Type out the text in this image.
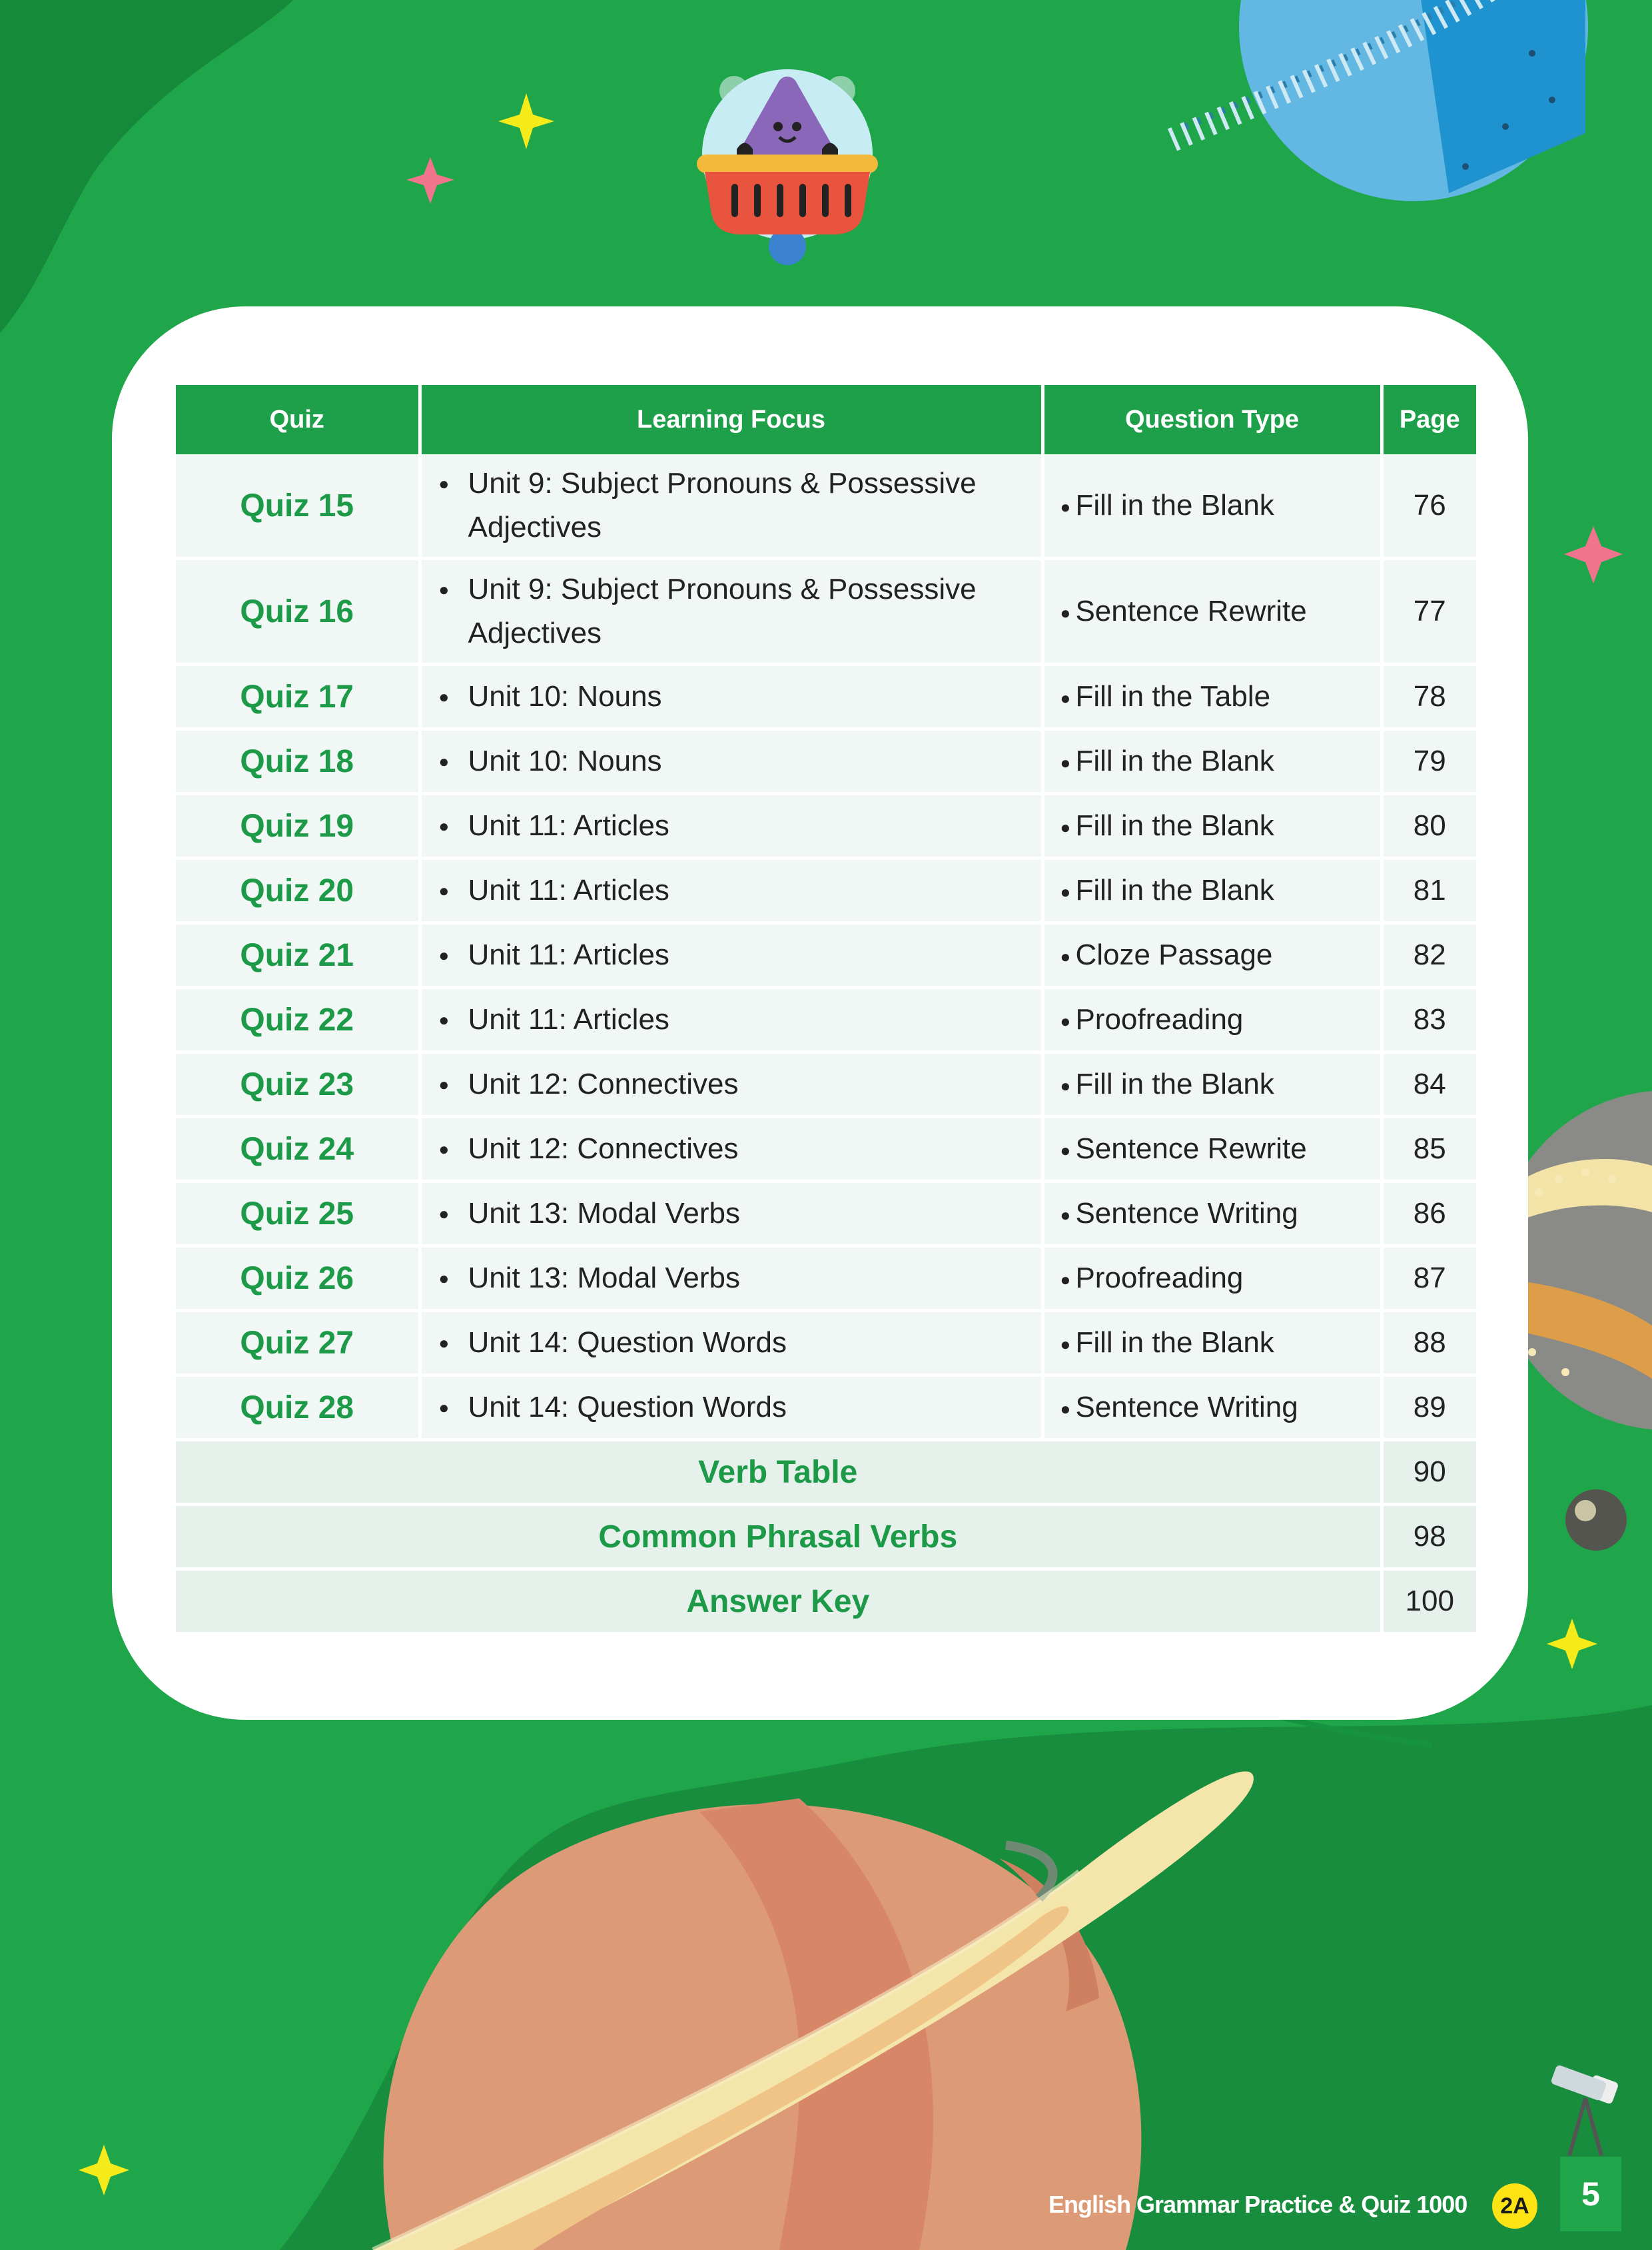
Quiz	Learning Focus	Question Type	Page
Quiz 15	● Unit 9: Subject Pronouns & Possessive Adjectives	● Fill in the Blank	76
Quiz 16	● Unit 9: Subject Pronouns & Possessive Adjectives	● Sentence Rewrite	77
Quiz 17	● Unit 10: Nouns	● Fill in the Table	78
Quiz 18	● Unit 10: Nouns	● Fill in the Blank	79
Quiz 19	● Unit 11: Articles	● Fill in the Blank	80
Quiz 20	● Unit 11: Articles	● Fill in the Blank	81
Quiz 21	● Unit 11: Articles	● Cloze Passage	82
Quiz 22	● Unit 11: Articles	● Proofreading	83
Quiz 23	● Unit 12: Connectives	● Fill in the Blank	84
Quiz 24	● Unit 12: Connectives	● Sentence Rewrite	85
Quiz 25	● Unit 13: Modal Verbs	● Sentence Writing	86
Quiz 26	● Unit 13: Modal Verbs	● Proofreading	87
Quiz 27	● Unit 14: Question Words	● Fill in the Blank	88
Quiz 28	● Unit 14: Question Words	● Sentence Writing	89
Verb Table			90
Common Phrasal Verbs			98
Answer Key			100
English Grammar Practice & Quiz 1000	2A	5
